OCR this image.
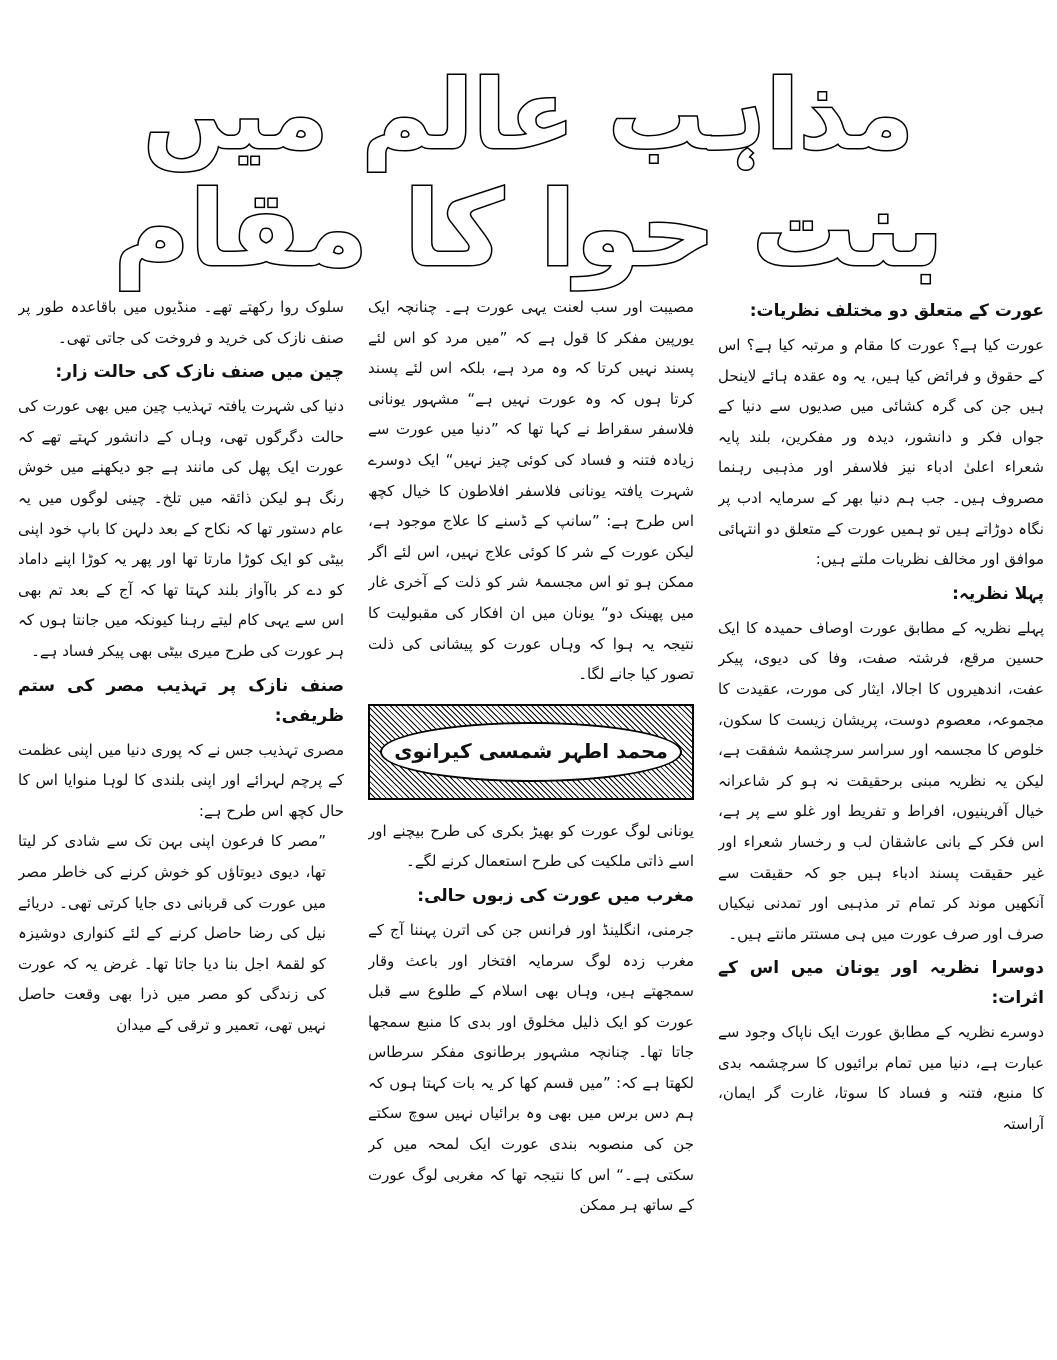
مذاہب عالم میں
بنت حوا کا مقام
عورت کے متعلق دو مختلف نظریات:

عورت کیا ہے؟ عورت کا مقام و مرتبہ کیا ہے؟ اس کے حقوق و فرائض کیا ہیں، یہ وہ عقدہ ہائے لاینحل ہیں جن کی گرہ کشائی میں صدیوں سے دنیا کے جواں فکر و دانشور، دیدہ ور مفکرین، بلند پایہ شعراء اعلیٰ ادباء نیز فلاسفر اور مذہبی رہنما مصروف ہیں۔ جب ہم دنیا بھر کے سرمایہ ادب پر نگاہ دوڑاتے ہیں تو ہمیں عورت کے متعلق دو انتہائی موافق اور مخالف نظریات ملتے ہیں:

پہلا نظریہ:

پہلے نظریہ کے مطابق عورت اوصاف حمیدہ کا ایک حسین مرقع، فرشتہ صفت، وفا کی دیوی، پیکر عفت، اندھیروں کا اجالا، ایثار کی مورت، عقیدت کا مجموعہ، معصوم دوست، پریشان زیست کا سکون، خلوص کا مجسمہ اور سراسر سرچشمۂ شفقت ہے، لیکن یہ نظریہ مبنی برحقیقت نہ ہو کر شاعرانہ خیال آفرینیوں، افراط و تفریط اور غلو سے پر ہے، اس فکر کے بانی عاشقان لب و رخسار شعراء اور غیر حقیقت پسند ادباء ہیں جو کہ حقیقت سے آنکھیں موند کر تمام تر مذہبی اور تمدنی نیکیاں صرف اور صرف عورت میں ہی مستتر مانتے ہیں۔

دوسرا نظریہ اور یونان میں اس کے اثرات:

دوسرے نظریہ کے مطابق عورت ایک ناپاک وجود سے عبارت ہے، دنیا میں تمام برائیوں کا سرچشمہ بدی کا منبع، فتنہ و فساد کا سوتا، غارت گر ایمان، آراستہ

مصیبت اور سب لعنت یہی عورت ہے۔ چنانچہ ایک یورپین مفکر کا قول ہے کہ ”میں مرد کو اس لئے پسند نہیں کرتا کہ وہ مرد ہے، بلکہ اس لئے پسند کرتا ہوں کہ وہ عورت نہیں ہے“ مشہور یونانی فلاسفر سقراط نے کہا تھا کہ ”دنیا میں عورت سے زیادہ فتنہ و فساد کی کوئی چیز نہیں“ ایک دوسرے شہرت یافتہ یونانی فلاسفر افلاطون کا خیال کچھ اس طرح ہے: ”سانپ کے ڈسنے کا علاج موجود ہے، لیکن عورت کے شر کا کوئی علاج نہیں، اس لئے اگر ممکن ہو تو اس مجسمۂ شر کو ذلت کے آخری غار میں پھینک دو“ یونان میں ان افکار کی مقبولیت کا نتیجہ یہ ہوا کہ وہاں عورت کو پیشانی کی ذلت تصور کیا جانے لگا۔

محمد اطہر شمسی کیرانوی

یونانی لوگ عورت کو بھیڑ بکری کی طرح بیچنے اور اسے ذاتی ملکیت کی طرح استعمال کرنے لگے۔

مغرب میں عورت کی زبوں حالی:

جرمنی، انگلینڈ اور فرانس جن کی اترن پہننا آج کے مغرب زدہ لوگ سرمایہ افتخار اور باعث وقار سمجھتے ہیں، وہاں بھی اسلام کے طلوع سے قبل عورت کو ایک ذلیل مخلوق اور بدی کا منبع سمجھا جاتا تھا۔ چنانچہ مشہور برطانوی مفکر سرطاس لکھتا ہے کہ: ”میں قسم کھا کر یہ بات کہتا ہوں کہ ہم دس برس میں بھی وہ برائیاں نہیں سوچ سکتے جن کی منصوبہ بندی عورت ایک لمحہ میں کر سکتی ہے۔“ اس کا نتیجہ تھا کہ مغربی لوگ عورت کے ساتھ ہر ممکن

سلوک روا رکھتے تھے۔ منڈیوں میں باقاعدہ طور پر صنف نازک کی خرید و فروخت کی جاتی تھی۔

چین میں صنف نازک کی حالت زار:

دنیا کی شہرت یافتہ تہذیب چین میں بھی عورت کی حالت دگرگوں تھی، وہاں کے دانشور کہتے تھے کہ عورت ایک پھل کی مانند ہے جو دیکھنے میں خوش رنگ ہو لیکن ذائقہ میں تلخ۔ چینی لوگوں میں یہ عام دستور تھا کہ نکاح کے بعد دلہن کا باپ خود اپنی بیٹی کو ایک کوڑا مارتا تھا اور پھر یہ کوڑا اپنے داماد کو دے کر باآواز بلند کہتا تھا کہ آج کے بعد تم بھی اس سے یہی کام لیتے رہنا کیونکہ میں جانتا ہوں کہ ہر عورت کی طرح میری بیٹی بھی پیکر فساد ہے۔

صنف نازک پر تہذیب مصر کی ستم ظریفی:

مصری تہذیب جس نے کہ پوری دنیا میں اپنی عظمت کے پرچم لہرائے اور اپنی بلندی کا لوہا منوایا اس کا حال کچھ اس طرح ہے:

”مصر کا فرعون اپنی بہن تک سے شادی کر لیتا تھا، دیوی دیوتاؤں کو خوش کرنے کی خاطر مصر میں عورت کی قربانی دی جایا کرتی تھی۔ دریائے نیل کی رضا حاصل کرنے کے لئے کنواری دوشیزہ کو لقمۂ اجل بنا دیا جاتا تھا۔ غرض یہ کہ عورت کی زندگی کو مصر میں ذرا بھی وقعت حاصل نہیں تھی، تعمیر و ترقی کے میدان
